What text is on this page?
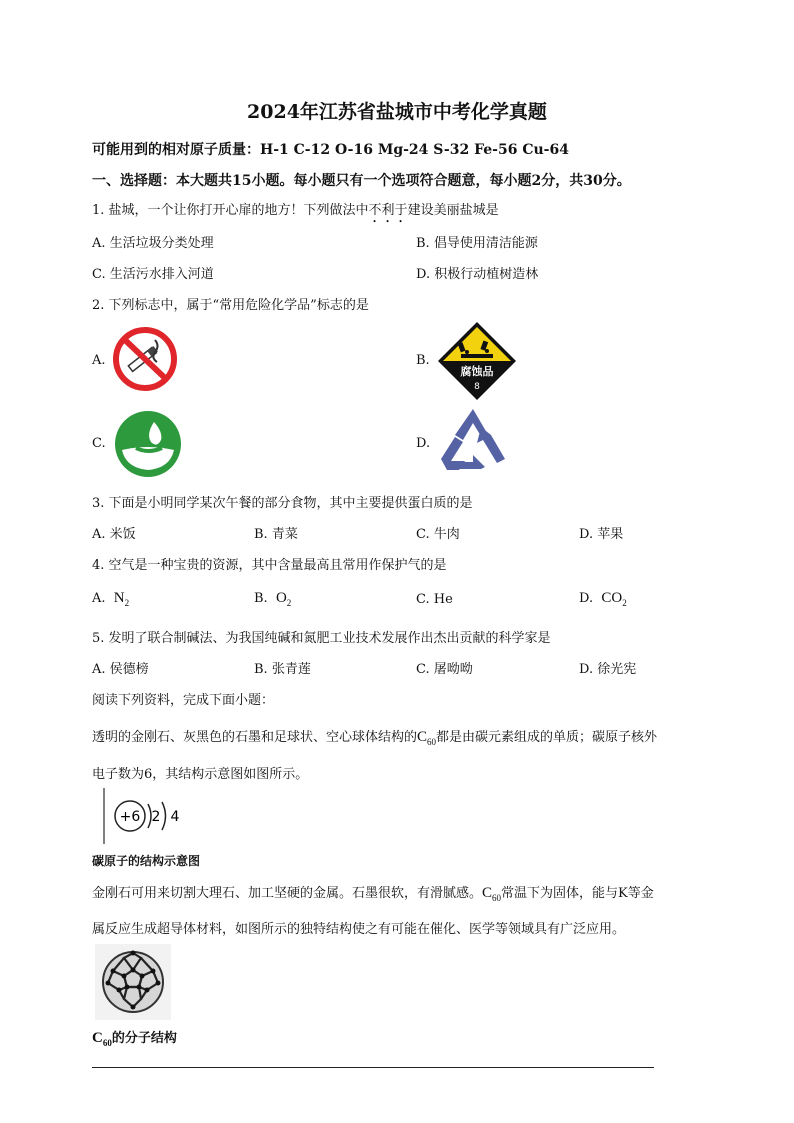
2024年江苏省盐城市中考化学真题
可能用到的相对原子质量：H-1 C-12 O-16 Mg-24 S-32 Fe-56 Cu-64
一、选择题：本大题共15小题。每小题只有一个选项符合题意，每小题2分，共30分。
1. 盐城，一个让你打开心扉的地方！下列做法中不利于建设美丽盐城是
A. 生活垃圾分类处理	B. 倡导使用清洁能源
C. 生活污水排入河道	D. 积极行动植树造林
2. 下列标志中，属于“常用危险化学品”标志的是
A.	B.
C.	D.
腐蚀品
8
3. 下面是小明同学某次午餐的部分食物，其中主要提供蛋白质的是
A. 米饭	B. 青菜	C. 牛肉	D. 苹果
4. 空气是一种宝贵的资源，其中含量最高且常用作保护气的是
A. $N_2$	B. $O_2$	C. He	D. $CO_2$
5. 发明了联合制碱法、为我国纯碱和氮肥工业技术发展作出杰出贡献的科学家是
A. 侯德榜	B. 张青莲	C. 屠呦呦	D. 徐光宪
阅读下列资料，完成下面小题：
透明的金刚石、灰黑色的石墨和足球状、空心球体结构的$C_{60}$都是由碳元素组成的单质；碳原子核外
电子数为6，其结构示意图如图所示。
+6 2 4
碳原子的结构示意图
金刚石可用来切割大理石、加工坚硬的金属。石墨很软，有滑腻感。$C_{60}$常温下为固体，能与K等金
属反应生成超导体材料，如图所示的独特结构使之有可能在催化、医学等领域具有广泛应用。
$C_{60}$的分子结构
